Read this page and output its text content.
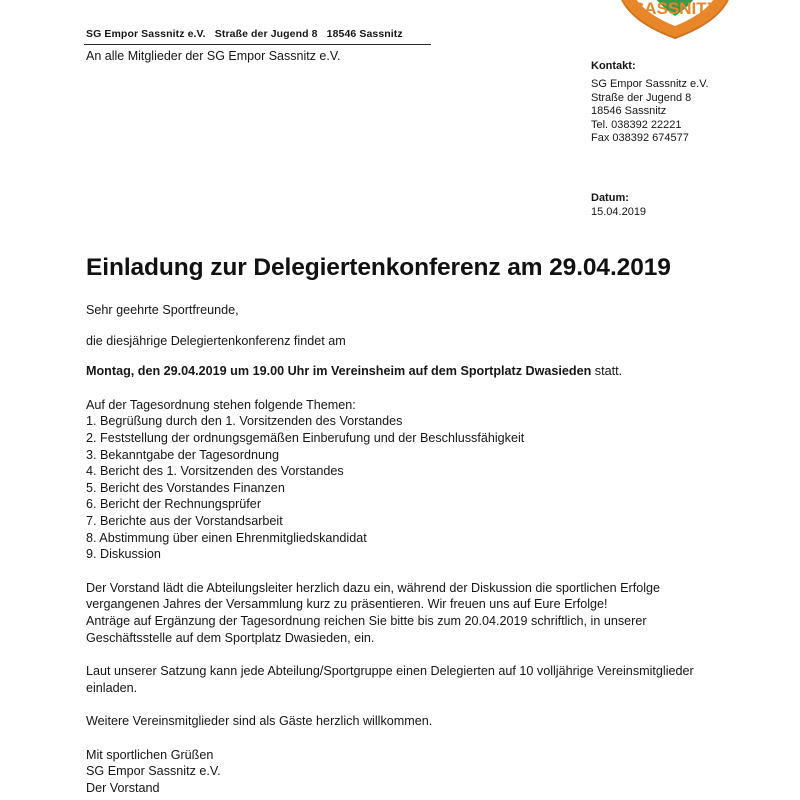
SASSNITZ
SG Empor Sassnitz e.V.   Straße der Jugend 8   18546 Sassnitz
An alle Mitglieder der SG Empor Sassnitz e.V.
Kontakt:
SG Empor Sassnitz e.V.
Straße der Jugend 8
18546 Sassnitz
Tel. 038392 22221
Fax 038392 674577
Datum:
15.04.2019
Einladung zur Delegiertenkonferenz am 29.04.2019

Sehr geehrte Sportfreunde,

die diesjährige Delegiertenkonferenz findet am

Montag, den 29.04.2019 um 19.00 Uhr im Vereinsheim auf dem Sportplatz Dwasieden statt.

Auf der Tagesordnung stehen folgende Themen:

1. Begrüßung durch den 1. Vorsitzenden des Vorstandes
2. Feststellung der ordnungsgemäßen Einberufung und der Beschlussfähigkeit
3. Bekanntgabe der Tagesordnung
4. Bericht des 1. Vorsitzenden des Vorstandes
5. Bericht des Vorstandes Finanzen
6. Bericht der Rechnungsprüfer
7. Berichte aus der Vorstandsarbeit
8. Abstimmung über einen Ehrenmitgliedskandidat
9. Diskussion

Der Vorstand lädt die Abteilungsleiter herzlich dazu ein, während der Diskussion die sportlichen Erfolge

vergangenen Jahres der Versammlung kurz zu präsentieren. Wir freuen uns auf Eure Erfolge!

Anträge auf Ergänzung der Tagesordnung reichen Sie bitte bis zum 20.04.2019 schriftlich, in unserer

Geschäftsstelle auf dem Sportplatz Dwasieden, ein.

Laut unserer Satzung kann jede Abteilung/Sportgruppe einen Delegierten auf 10 volljährige Vereinsmitglieder

einladen.

Weitere Vereinsmitglieder sind als Gäste herzlich willkommen.

Mit sportlichen Grüßen

SG Empor Sassnitz e.V.

Der Vorstand
